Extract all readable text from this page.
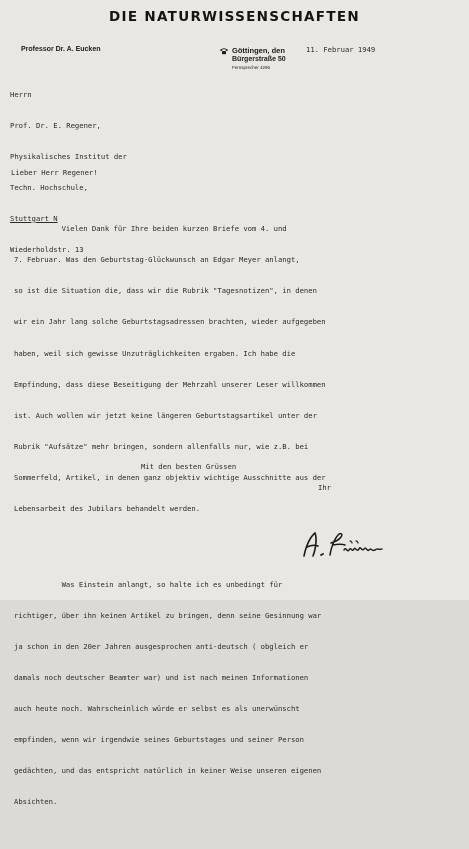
DIE NATURWISSENSCHAFTEN
Professor Dr. A. Eucken	Göttingen, den
Bürgerstraße 50
Fernsprecher 4296
11. Februar 1949

Herrn

Prof. Dr. E. Regener,

Physikalisches Institut der

Techn. Hochschule,

Stuttgart N

Wiederholdstr. 13

Lieber Herr Regener!

Vielen Dank für Ihre beiden kurzen Briefe vom 4. und

7. Februar. Was den Geburtstag-Glückwunsch an Edgar Meyer anlangt,

so ist die Situation die, dass wir die Rubrik "Tagesnotizen", in denen

wir ein Jahr lang solche Geburtstagsadressen brachten, wieder aufgegeben

haben, weil sich gewisse Unzuträglichkeiten ergaben. Ich habe die

Empfindung, dass diese Beseitigung der Mehrzahl unserer Leser willkommen

ist. Auch wollen wir jetzt keine längeren Geburtstagsartikel unter der

Rubrik "Aufsätze" mehr bringen, sondern allenfalls nur, wie z.B. bei

Sommerfeld, Artikel, in denen ganz objektiv wichtige Ausschnitte aus der

Lebensarbeit des Jubilars behandelt werden.

Was Einstein anlangt, so halte ich es unbedingt für

richtiger, über ihn keinen Artikel zu bringen, denn seine Gesinnung war

ja schon in den 20er Jahren ausgesprochen anti-deutsch ( obgleich er

damals noch deutscher Beamter war) und ist nach meinen Informationen

auch heute noch. Wahrscheinlich würde er selbst es als unerwünscht

empfinden, wenn wir irgendwie seines Geburtstages und seiner Person

gedächten, und das entspricht natürlich in keiner Weise unseren eigenen

Absichten.

Mit den besten Grüssen
Ihr
